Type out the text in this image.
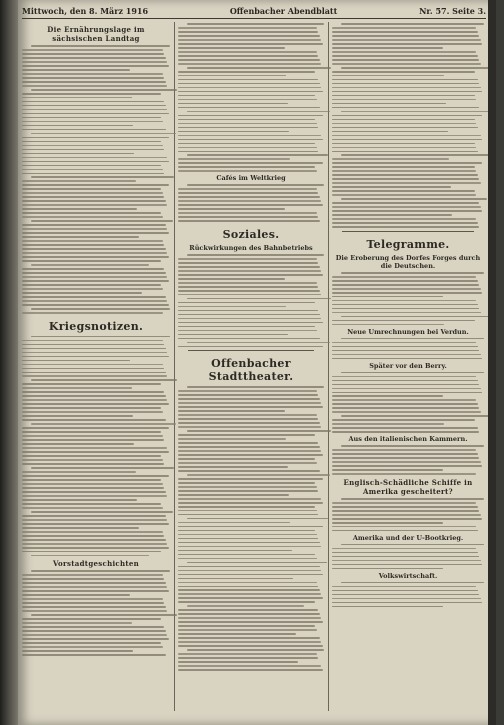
Mittwoch, den 8. März 1916	Offenbacher Abendblatt	Nr. 57. Seite 3.
Die Ernährungslage im sächsischen Landtag
Kriegsnotizen.
Vorstadtgeschichten
Cafés im Weltkrieg
Soziales.
Rückwirkungen des Bahnbetriebs
Offenbacher Stadttheater.
Telegramme.
Die Eroberung des Dorfes Forges durch die Deutschen.
Neue Umrechnungen bei Verdun.
Später vor den Berry.
Aus den italienischen Kammern.
Englisch-Schädliche Schiffe in Amerika gescheitert?
Amerika und der U-Bootkrieg.
Volkswirtschaft.
